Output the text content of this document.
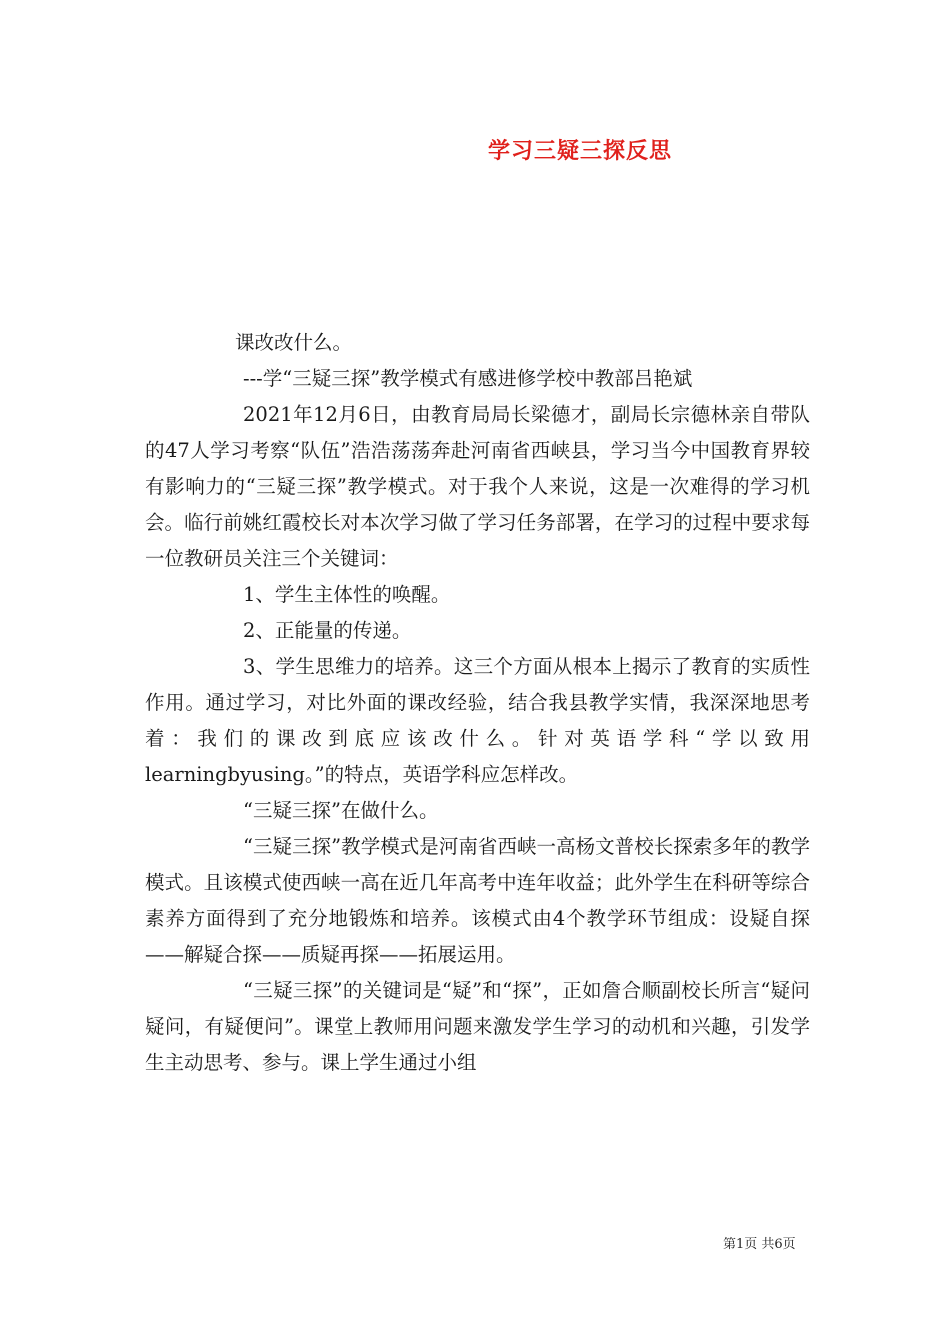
学习三疑三探反思

课改改什么。

---学“三疑三探”教学模式有感进修学校中教部吕艳斌

2021年12月6日，由教育局局长梁德才，副局长宗德林亲自带队的47人学习考察“队伍”浩浩荡荡奔赴河南省西峡县，学习当今中国教育界较有影响力的“三疑三探”教学模式。对于我个人来说，这是一次难得的学习机会。临行前姚红霞校长对本次学习做了学习任务部署，在学习的过程中要求每一位教研员关注三个关键词：

1、学生主体性的唤醒。

2、正能量的传递。

3、学生思维力的培养。这三个方面从根本上揭示了教育的实质性作用。通过学习，对比外面的课改经验，结合我县教学实情，我深深地思考着：我们的课改到底应该改什么。针对英语学科“学以致用learningbyusing。”的特点，英语学科应怎样改。

“三疑三探”在做什么。

“三疑三探”教学模式是河南省西峡一高杨文普校长探索多年的教学模式。且该模式使西峡一高在近几年高考中连年收益；此外学生在科研等综合素养方面得到了充分地锻炼和培养。该模式由4个教学环节组成：设疑自探——解疑合探——质疑再探——拓展运用。

“三疑三探”的关键词是“疑”和“探”，正如詹合顺副校长所言“疑问疑问，有疑便问”。课堂上教师用问题来激发学生学习的动机和兴趣，引发学生主动思考、参与。课上学生通过小组

第1页 共6页
